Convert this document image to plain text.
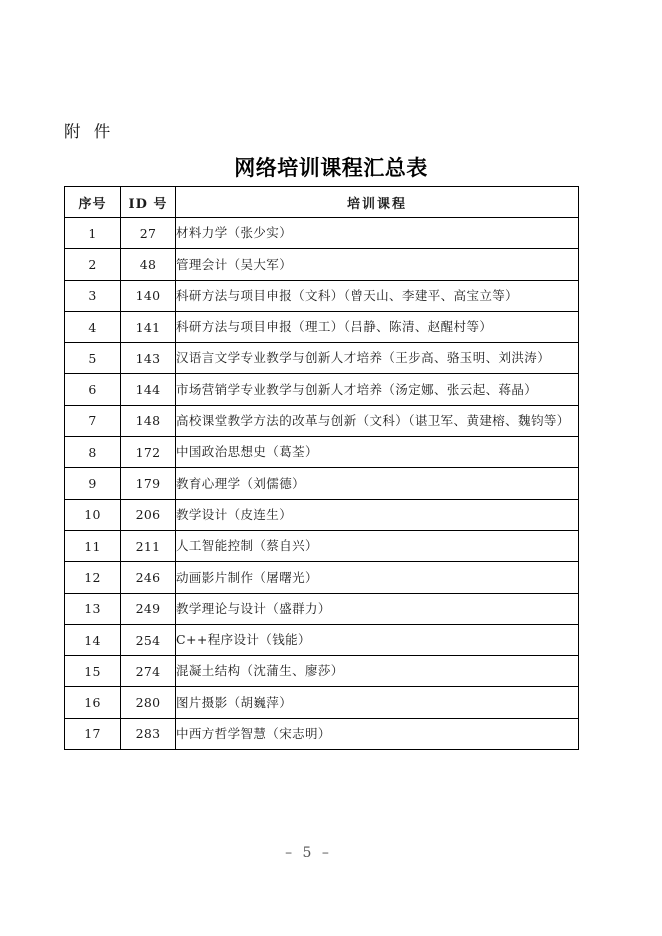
附 件
网络培训课程汇总表
序号	ID 号	培训课程
1	27	材料力学（张少实）
2	48	管理会计（吴大军）
3	140	科研方法与项目申报（文科）（曾天山、李建平、高宝立等）
4	141	科研方法与项目申报（理工）（吕静、陈清、赵醒村等）
5	143	汉语言文学专业教学与创新人才培养（王步高、骆玉明、刘洪涛）
6	144	市场营销学专业教学与创新人才培养（汤定娜、张云起、蒋晶）
7	148	高校课堂教学方法的改革与创新（文科）（谌卫军、黄建榕、魏钧等）
8	172	中国政治思想史（葛荃）
9	179	教育心理学（刘儒德）
10	206	教学设计（皮连生）
11	211	人工智能控制（蔡自兴）
12	246	动画影片制作（屠曙光）
13	249	教学理论与设计（盛群力）
14	254	C++程序设计（钱能）
15	274	混凝土结构（沈蒲生、廖莎）
16	280	图片摄影（胡巍萍）
17	283	中西方哲学智慧（宋志明）
– 5 –
